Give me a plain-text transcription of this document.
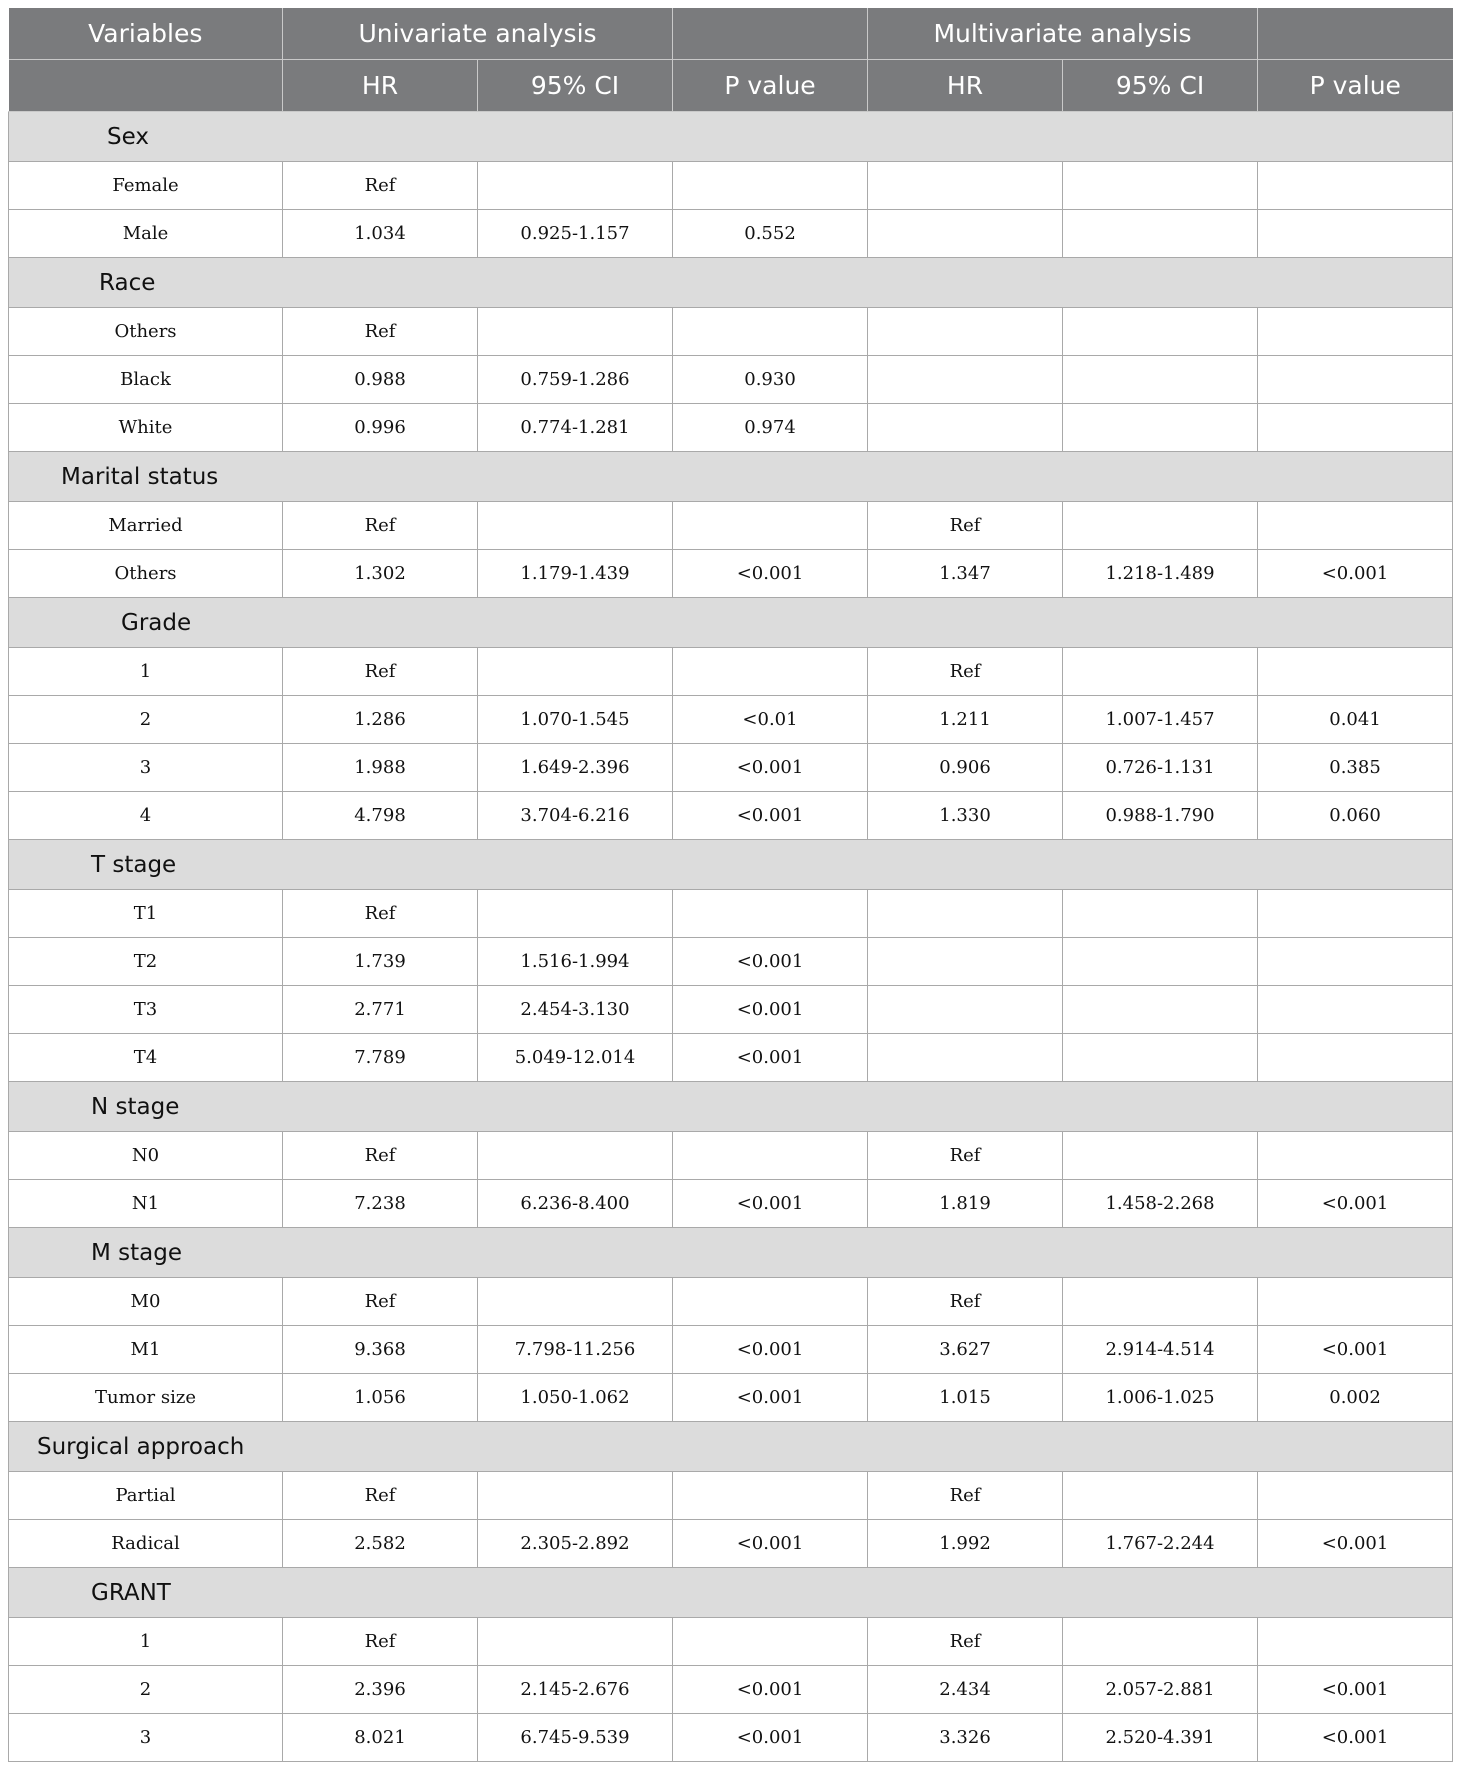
Variables	Univariate analysis			Multivariate analysis		
	HR	95% CI	P value	HR	95% CI	P value
Sex						
Female	Ref					
Male	1.034	0.925-1.157	0.552			
Race						
Others	Ref					
Black	0.988	0.759-1.286	0.930			
White	0.996	0.774-1.281	0.974			
Marital status						
Married	Ref			Ref		
Others	1.302	1.179-1.439	<0.001	1.347	1.218-1.489	<0.001
Grade						
1	Ref			Ref		
2	1.286	1.070-1.545	<0.01	1.211	1.007-1.457	0.041
3	1.988	1.649-2.396	<0.001	0.906	0.726-1.131	0.385
4	4.798	3.704-6.216	<0.001	1.330	0.988-1.790	0.060
T stage						
T1	Ref					
T2	1.739	1.516-1.994	<0.001			
T3	2.771	2.454-3.130	<0.001			
T4	7.789	5.049-12.014	<0.001			
N stage						
N0	Ref			Ref		
N1	7.238	6.236-8.400	<0.001	1.819	1.458-2.268	<0.001
M stage						
M0	Ref			Ref		
M1	9.368	7.798-11.256	<0.001	3.627	2.914-4.514	<0.001
Tumor size	1.056	1.050-1.062	<0.001	1.015	1.006-1.025	0.002
Surgical approach						
Partial	Ref			Ref		
Radical	2.582	2.305-2.892	<0.001	1.992	1.767-2.244	<0.001
GRANT						
1	Ref			Ref		
2	2.396	2.145-2.676	<0.001	2.434	2.057-2.881	<0.001
3	8.021	6.745-9.539	<0.001	3.326	2.520-4.391	<0.001
